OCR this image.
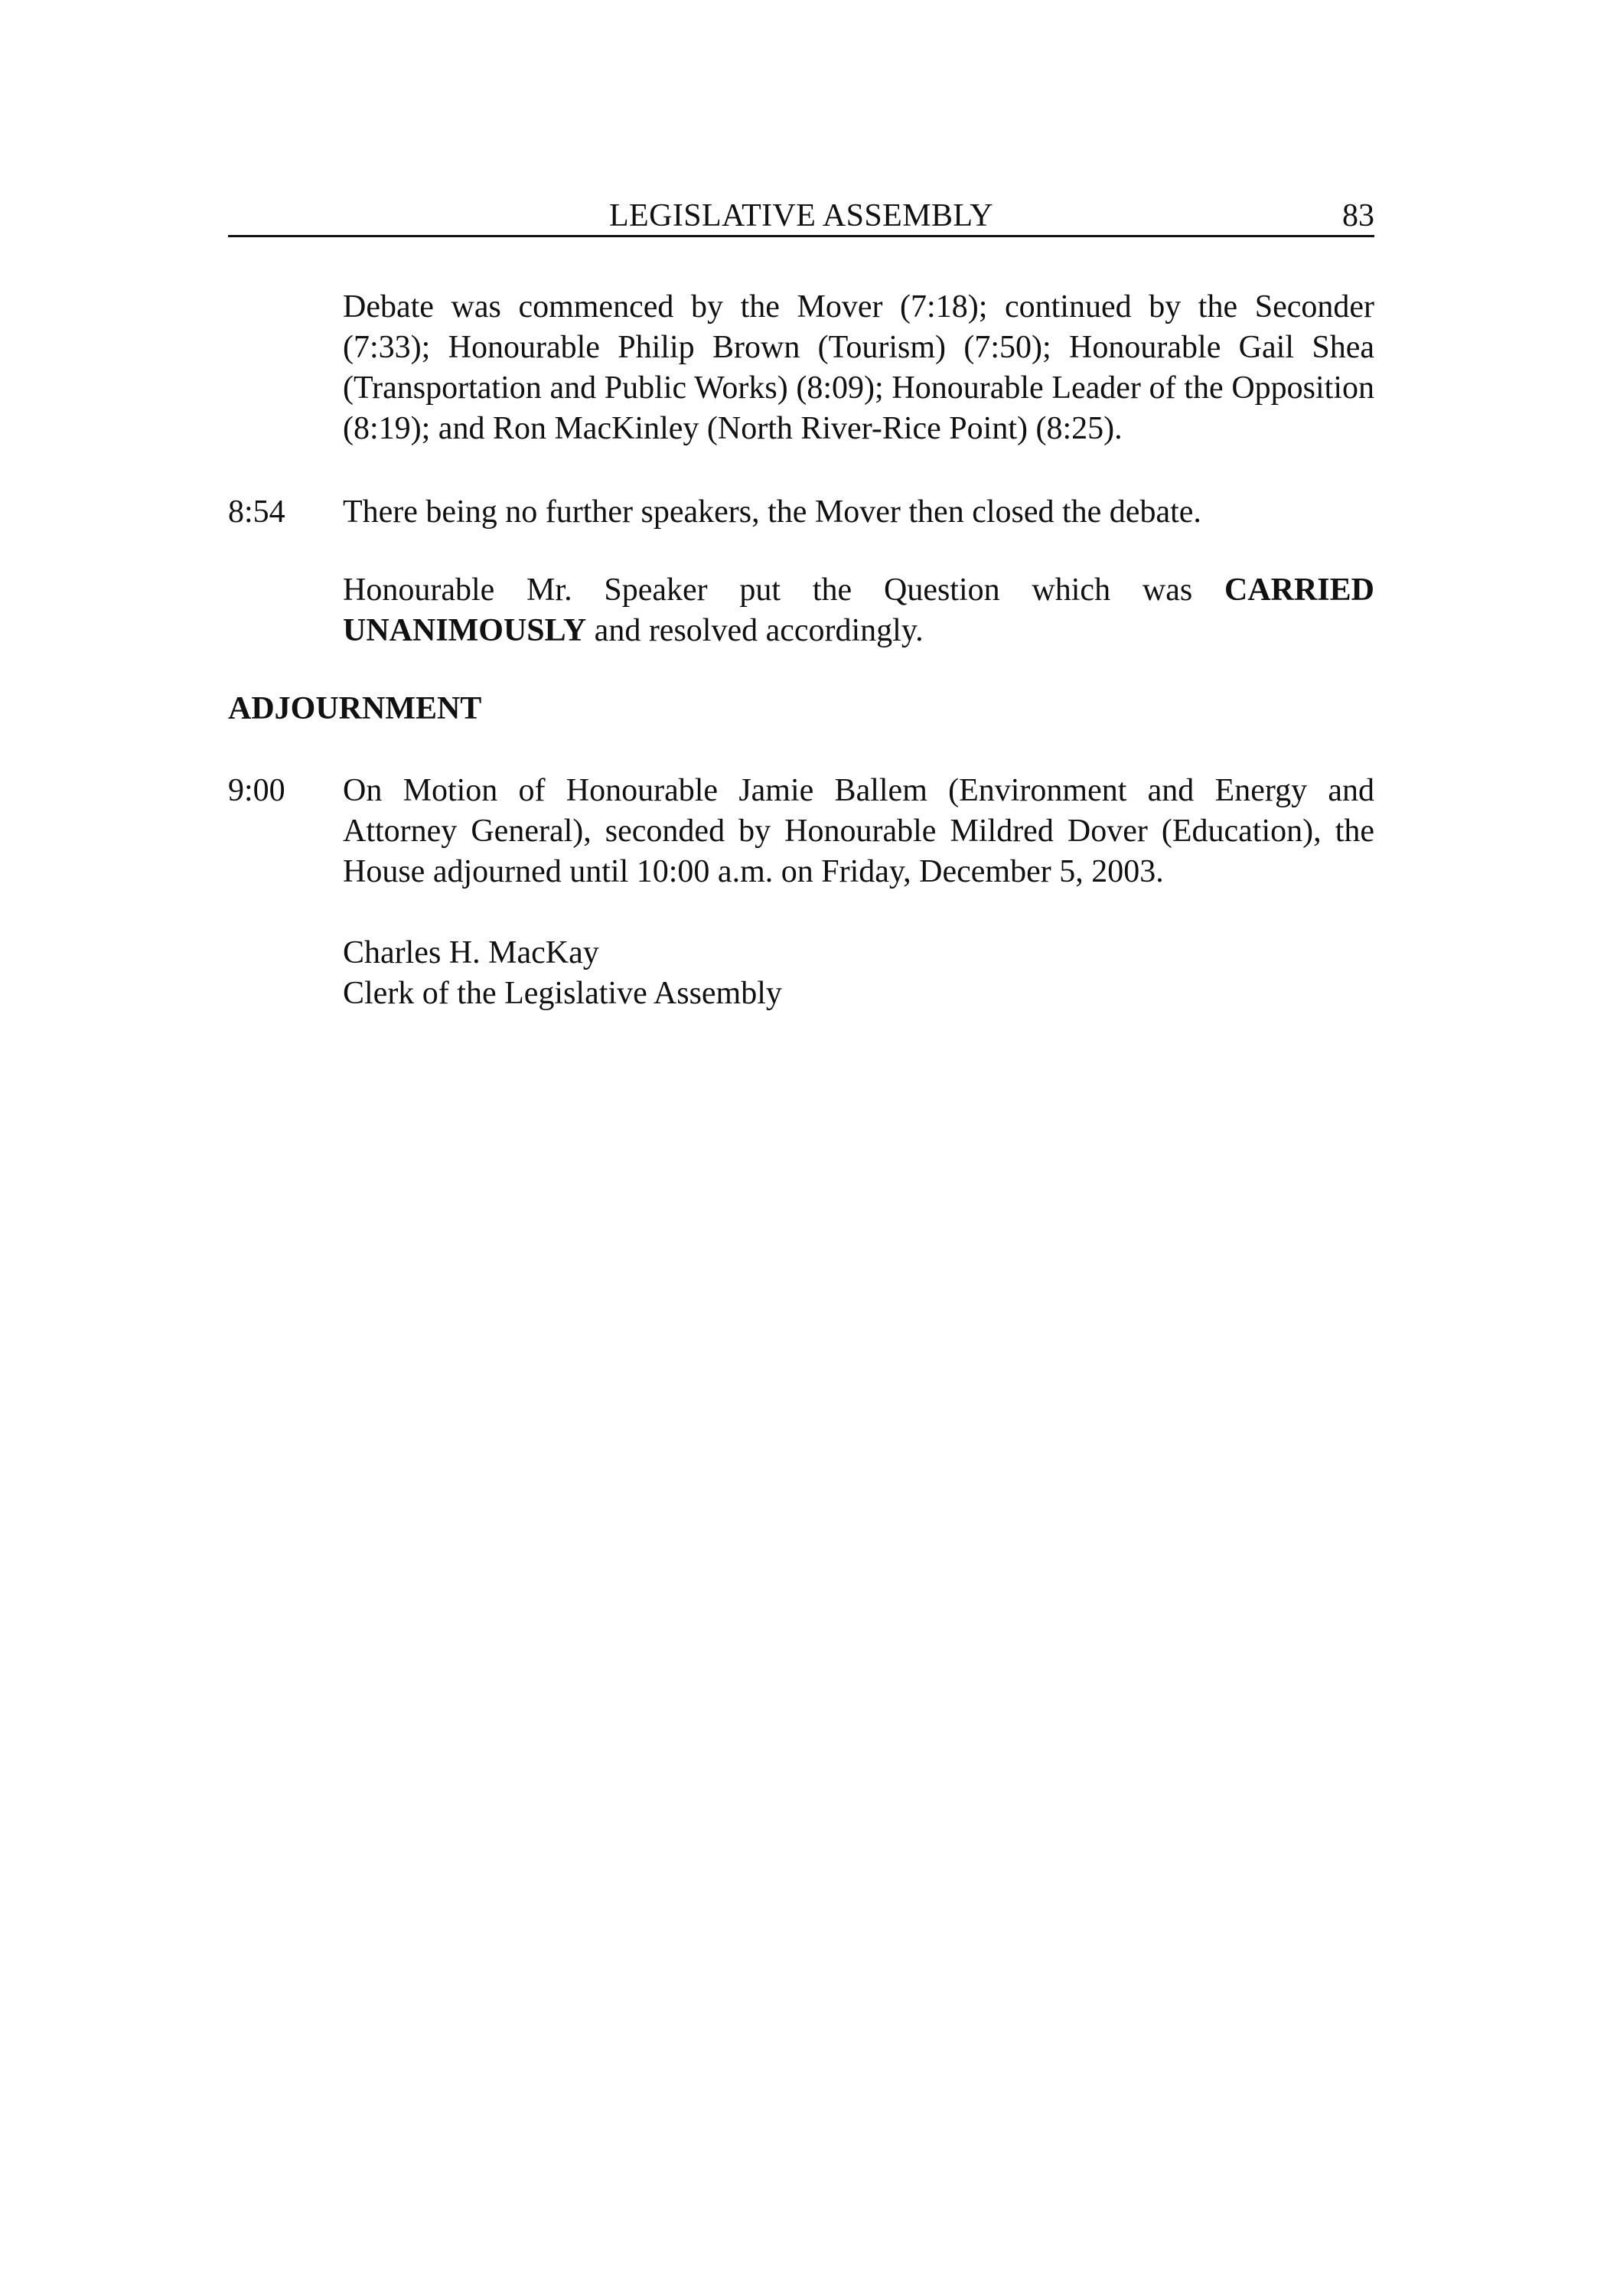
LEGISLATIVE ASSEMBLY	83
Debate was commenced by the Mover (7:18); continued by the Seconder (7:33); Honourable Philip Brown (Tourism) (7:50); Honourable Gail Shea (Transportation and Public Works) (8:09); Honourable Leader of the Opposition (8:19); and Ron MacKinley (North River-Rice Point) (8:25).
8:54	There being no further speakers, the Mover then closed the debate.
Honourable Mr. Speaker put the Question which was CARRIED UNANIMOUSLY and resolved accordingly.
ADJOURNMENT
9:00	On Motion of Honourable Jamie Ballem (Environment and Energy and Attorney General), seconded by Honourable Mildred Dover (Education), the House adjourned until 10:00 a.m. on Friday, December 5, 2003.
Charles H. MacKay
Clerk of the Legislative Assembly
